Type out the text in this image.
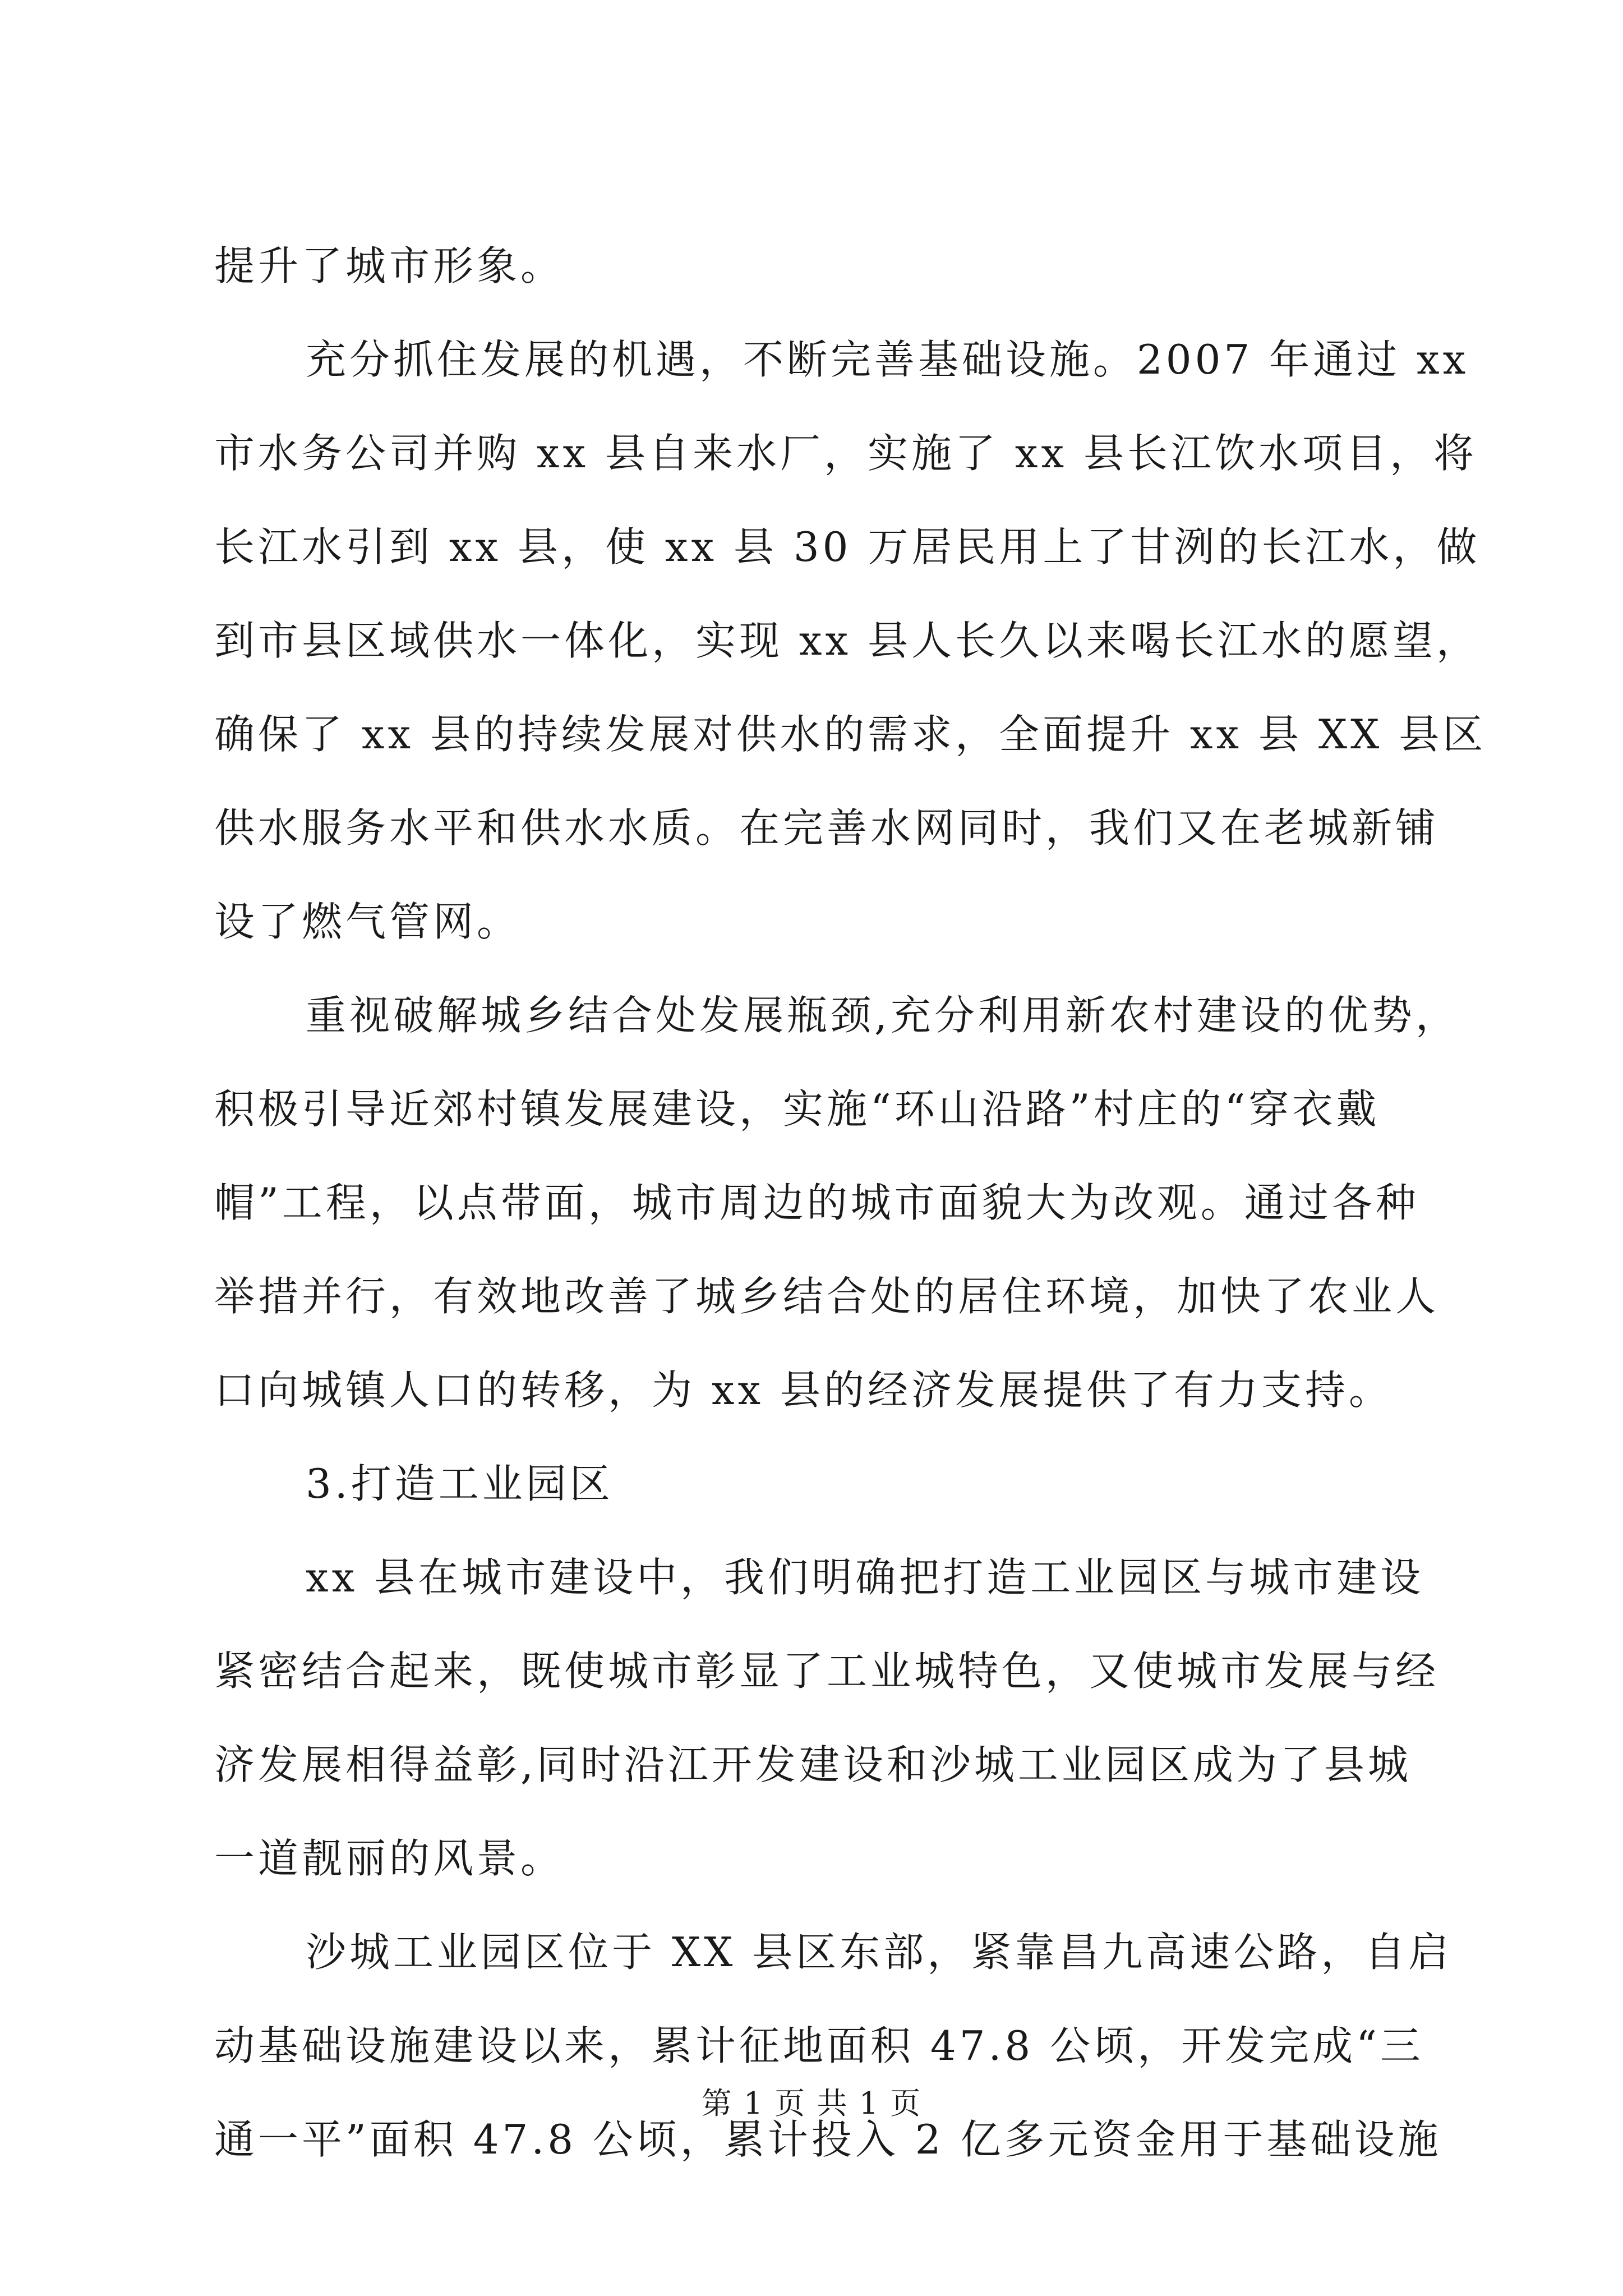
提升了城市形象。
充分抓住发展的机遇，不断完善基础设施。2007 年通过 xx
市水务公司并购 xx 县自来水厂，实施了 xx 县长江饮水项目，将
长江水引到 xx 县，使 xx 县 30 万居民用上了甘洌的长江水，做
到市县区域供水一体化，实现 xx 县人长久以来喝长江水的愿望，
确保了 xx 县的持续发展对供水的需求，全面提升 xx 县 XX 县区
供水服务水平和供水水质。在完善水网同时，我们又在老城新铺
设了燃气管网。
重视破解城乡结合处发展瓶颈,充分利用新农村建设的优势，
积极引导近郊村镇发展建设，实施“环山沿路”村庄的“穿衣戴
帽”工程，以点带面，城市周边的城市面貌大为改观。通过各种
举措并行，有效地改善了城乡结合处的居住环境，加快了农业人
口向城镇人口的转移，为 xx 县的经济发展提供了有力支持。
3.打造工业园区
xx 县在城市建设中，我们明确把打造工业园区与城市建设
紧密结合起来，既使城市彰显了工业城特色，又使城市发展与经
济发展相得益彰,同时沿江开发建设和沙城工业园区成为了县城
一道靓丽的风景。
沙城工业园区位于 XX 县区东部，紧靠昌九高速公路，自启
动基础设施建设以来，累计征地面积 47.8 公顷，开发完成“三
通一平”面积 47.8 公顷，累计投入 2 亿多元资金用于基础设施
第 1 页 共 1 页
